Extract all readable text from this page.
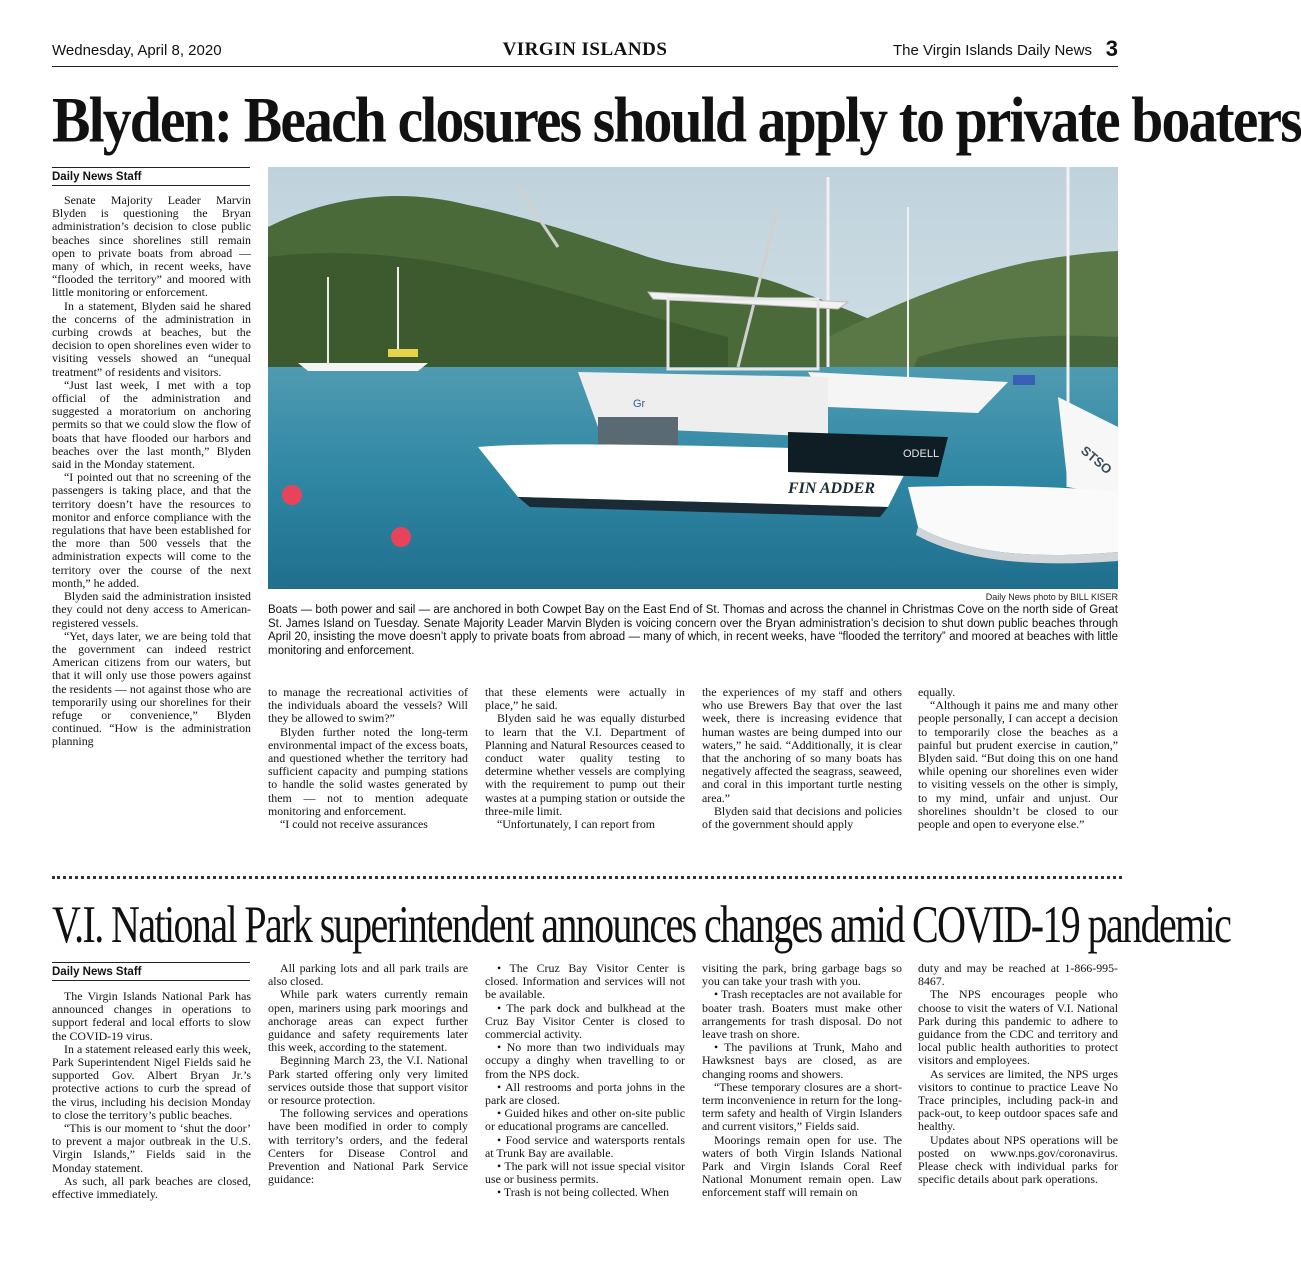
Wednesday, April 8, 2020	VIRGIN ISLANDS	The Virgin Islands Daily News 3
Blyden: Beach closures should apply to private boaters
Daily News Staff
FIN ADDER
Gr
ODELL	STSO
Daily News photo by BILL KISER
Boats — both power and sail — are anchored in both Cowpet Bay on the East End of St. Thomas and across the channel in Christmas Cove on the north side of Great St. James Island on Tuesday. Senate Majority Leader Marvin Blyden is voicing concern over the Bryan administration’s decision to shut down public beaches through April 20, insisting the move doesn’t apply to private boats from abroad — many of which, in recent weeks, have “flooded the territory” and moored at beaches with little monitoring and enforcement.

Senate Majority Leader Marvin Blyden is questioning the Bryan administration’s decision to close public beaches since shorelines still remain open to private boats from abroad — many of which, in recent weeks, have “flooded the territory” and moored with little monitoring or enforcement.

In a statement, Blyden said he shared the concerns of the administration in curbing crowds at beaches, but the decision to open shorelines even wider to visiting vessels showed an “unequal treatment” of residents and visitors.

“Just last week, I met with a top official of the administration and suggested a moratorium on anchoring permits so that we could slow the flow of boats that have flooded our harbors and beaches over the last month,” Blyden said in the Monday statement.

“I pointed out that no screening of the passengers is taking place, and that the territory doesn’t have the resources to monitor and enforce compliance with the regulations that have been established for the more than 500 vessels that the administration expects will come to the territory over the course of the next month,” he added.

Blyden said the administration insisted they could not deny access to American-registered vessels.

“Yet, days later, we are being told that the government can indeed restrict American citizens from our waters, but that it will only use those powers against the residents — not against those who are temporarily using our shorelines for their refuge or convenience,” Blyden continued. “How is the administration planning

to manage the recreational activities of the individuals aboard the vessels? Will they be allowed to swim?”

Blyden further noted the long-term environmental impact of the excess boats, and questioned whether the territory had sufficient capacity and pumping stations to handle the solid wastes generated by them — not to mention adequate monitoring and enforcement.

“I could not receive assurances

that these elements were actually in place,” he said.

Blyden said he was equally disturbed to learn that the V.I. Department of Planning and Natural Resources ceased to conduct water quality testing to determine whether vessels are complying with the requirement to pump out their wastes at a pumping station or outside the three-mile limit.

“Unfortunately, I can report from

the experiences of my staff and others who use Brewers Bay that over the last week, there is increasing evidence that human wastes are being dumped into our waters,” he said. “Additionally, it is clear that the anchoring of so many boats has negatively affected the seagrass, seaweed, and coral in this important turtle nesting area.”

Blyden said that decisions and policies of the government should apply

equally.

“Although it pains me and many other people personally, I can accept a decision to temporarily close the beaches as a painful but prudent exercise in caution,” Blyden said. “But doing this on one hand while opening our shorelines even wider to visiting vessels on the other is simply, to my mind, unfair and unjust. Our shorelines shouldn’t be closed to our people and open to everyone else.”

V.I. National Park superintendent announces changes amid COVID-19 pandemic
Daily News Staff

The Virgin Islands National Park has announced changes in operations to support federal and local efforts to slow the COVID-19 virus.

In a statement released early this week, Park Superintendent Nigel Fields said he supported Gov. Albert Bryan Jr.’s protective actions to curb the spread of the virus, including his decision Monday to close the territory’s public beaches.

“This is our moment to ‘shut the door’ to prevent a major outbreak in the U.S. Virgin Islands,” Fields said in the Monday statement.

As such, all park beaches are closed, effective immediately.

All parking lots and all park trails are also closed.

While park waters currently remain open, mariners using park moorings and anchorage areas can expect further guidance and safety requirements later this week, according to the statement.

Beginning March 23, the V.I. National Park started offering only very limited services outside those that support visitor or resource protection.

The following services and operations have been modified in order to comply with territory’s orders, and the federal Centers for Disease Control and Prevention and National Park Service guidance:

• The Cruz Bay Visitor Center is closed. Information and services will not be available.

• The park dock and bulkhead at the Cruz Bay Visitor Center is closed to commercial activity.

• No more than two individuals may occupy a dinghy when travelling to or from the NPS dock.

• All restrooms and porta johns in the park are closed.

• Guided hikes and other on-site public or educational programs are cancelled.

• Food service and watersports rentals at Trunk Bay are available.

• The park will not issue special visitor use or business permits.

• Trash is not being collected. When

visiting the park, bring garbage bags so you can take your trash with you.

• Trash receptacles are not available for boater trash. Boaters must make other arrangements for trash disposal. Do not leave trash on shore.

• The pavilions at Trunk, Maho and Hawksnest bays are closed, as are changing rooms and showers.

“These temporary closures are a short-term inconvenience in return for the long-term safety and health of Virgin Islanders and current visitors,” Fields said.

Moorings remain open for use. The waters of both Virgin Islands National Park and Virgin Islands Coral Reef National Monument remain open. Law enforcement staff will remain on

duty and may be reached at 1-866-995-8467.

The NPS encourages people who choose to visit the waters of V.I. National Park during this pandemic to adhere to guidance from the CDC and territory and local public health authorities to protect visitors and employees.

As services are limited, the NPS urges visitors to continue to practice Leave No Trace principles, including pack-in and pack-out, to keep outdoor spaces safe and healthy.

Updates about NPS operations will be posted on www.nps.gov/coronavirus. Please check with individual parks for specific details about park operations.
